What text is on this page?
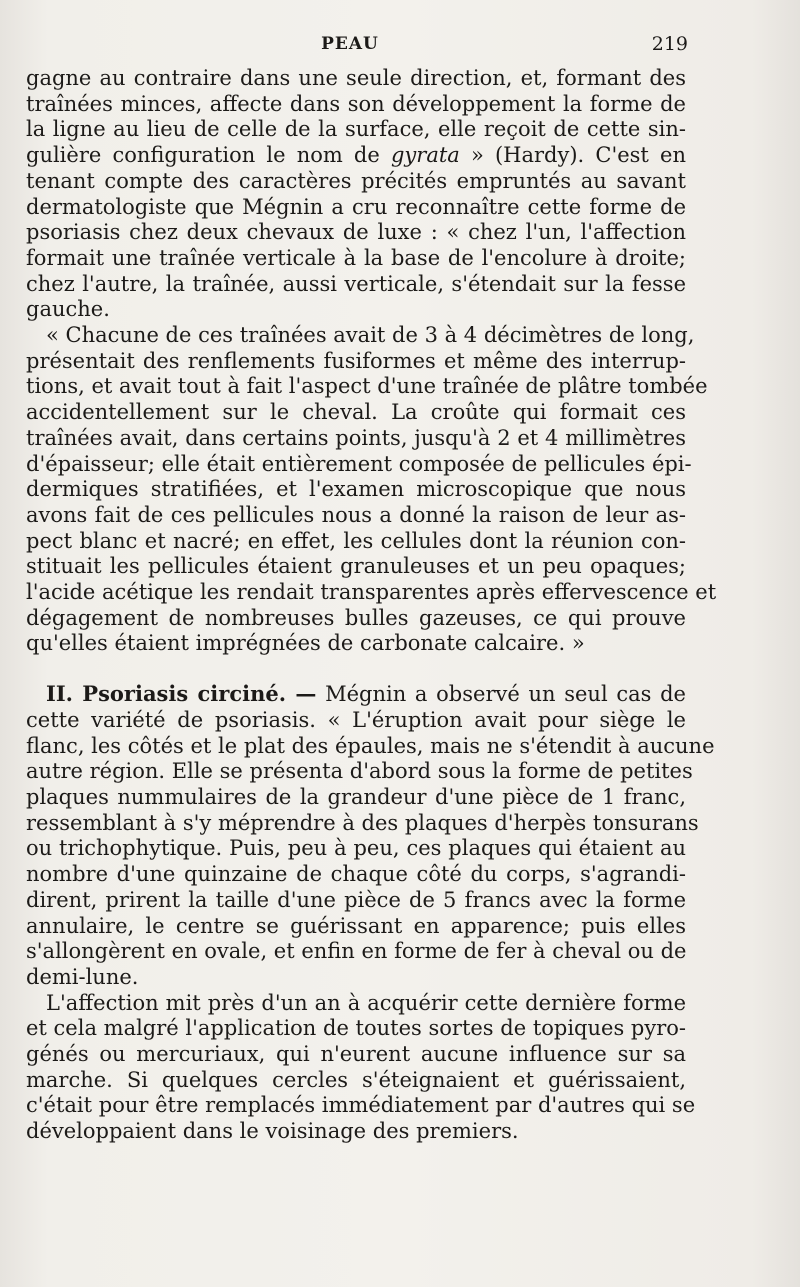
PEAU	219

gagne au contraire dans une seule direction, et, formant des
traînées minces, affecte dans son développement la forme de
la ligne au lieu de celle de la surface, elle reçoit de cette sin-
gulière configuration le nom de gyrata » (Hardy). C'est en
tenant compte des caractères précités empruntés au savant
dermatologiste que Mégnin a cru reconnaître cette forme de
psoriasis chez deux chevaux de luxe : « chez l'un, l'affection
formait une traînée verticale à la base de l'encolure à droite;
chez l'autre, la traînée, aussi verticale, s'étendait sur la fesse
gauche.

« Chacune de ces traînées avait de 3 à 4 décimètres de long,
présentait des renflements fusiformes et même des interrup-
tions, et avait tout à fait l'aspect d'une traînée de plâtre tombée
accidentellement sur le cheval. La croûte qui formait ces
traînées avait, dans certains points, jusqu'à 2 et 4 millimètres
d'épaisseur; elle était entièrement composée de pellicules épi-
dermiques stratifiées, et l'examen microscopique que nous
avons fait de ces pellicules nous a donné la raison de leur as-
pect blanc et nacré; en effet, les cellules dont la réunion con-
stituait les pellicules étaient granuleuses et un peu opaques;
l'acide acétique les rendait transparentes après effervescence et
dégagement de nombreuses bulles gazeuses, ce qui prouve
qu'elles étaient imprégnées de carbonate calcaire. »

II. Psoriasis circiné. — Mégnin a observé un seul cas de
cette variété de psoriasis. « L'éruption avait pour siège le
flanc, les côtés et le plat des épaules, mais ne s'étendit à aucune
autre région. Elle se présenta d'abord sous la forme de petites
plaques nummulaires de la grandeur d'une pièce de 1 franc,
ressemblant à s'y méprendre à des plaques d'herpès tonsurans
ou trichophytique. Puis, peu à peu, ces plaques qui étaient au
nombre d'une quinzaine de chaque côté du corps, s'agrandi-
dirent, prirent la taille d'une pièce de 5 francs avec la forme
annulaire, le centre se guérissant en apparence; puis elles
s'allongèrent en ovale, et enfin en forme de fer à cheval ou de
demi-lune.

L'affection mit près d'un an à acquérir cette dernière forme
et cela malgré l'application de toutes sortes de topiques pyro-
génés ou mercuriaux, qui n'eurent aucune influence sur sa
marche. Si quelques cercles s'éteignaient et guérissaient,
c'était pour être remplacés immédiatement par d'autres qui se
développaient dans le voisinage des premiers.
